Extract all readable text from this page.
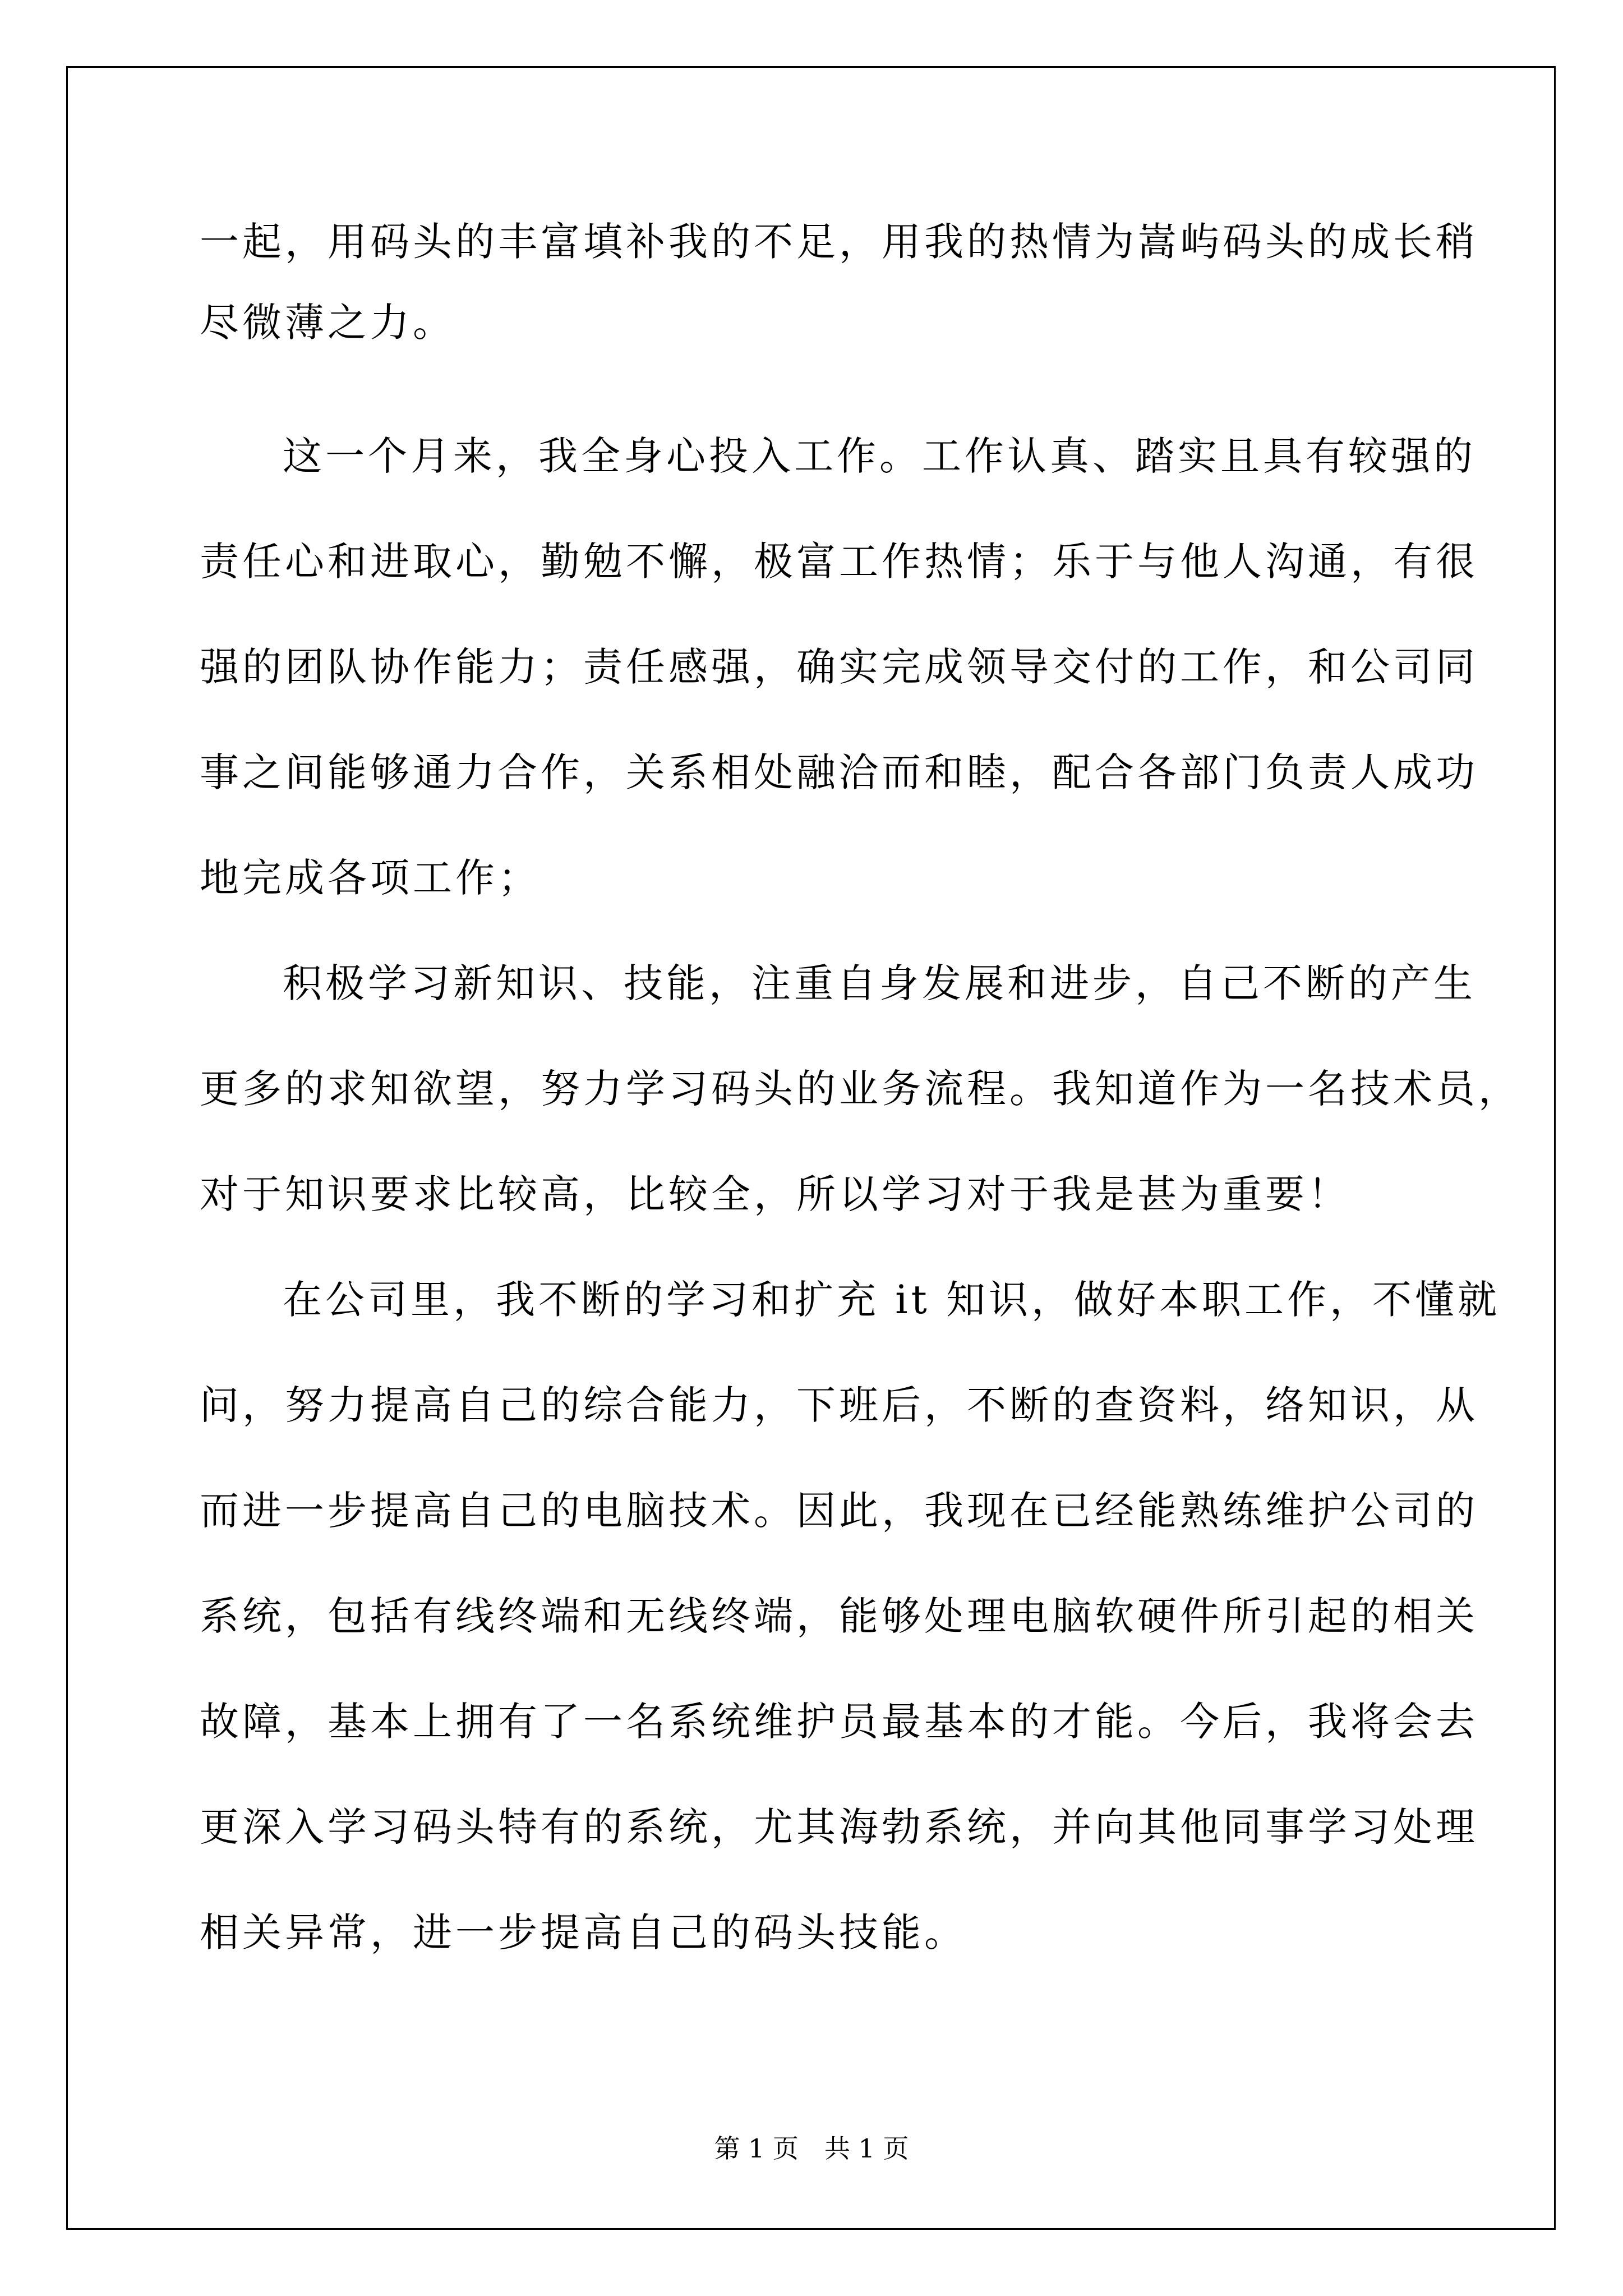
一起，用码头的丰富填补我的不足，用我的热情为嵩屿码头的成长稍
尽微薄之力。
这一个月来，我全身心投入工作。工作认真、踏实且具有较强的
责任心和进取心，勤勉不懈，极富工作热情；乐于与他人沟通，有很
强的团队协作能力；责任感强，确实完成领导交付的工作，和公司同
事之间能够通力合作，关系相处融洽而和睦，配合各部门负责人成功
地完成各项工作；
积极学习新知识、技能，注重自身发展和进步，自己不断的产生
更多的求知欲望，努力学习码头的业务流程。我知道作为一名技术员，
对于知识要求比较高，比较全，所以学习对于我是甚为重要！
在公司里，我不断的学习和扩充 it 知识，做好本职工作，不懂就
问，努力提高自己的综合能力，下班后，不断的查资料，络知识，从
而进一步提高自己的电脑技术。因此，我现在已经能熟练维护公司的
系统，包括有线终端和无线终端，能够处理电脑软硬件所引起的相关
故障，基本上拥有了一名系统维护员最基本的才能。今后，我将会去
更深入学习码头特有的系统，尤其海勃系统，并向其他同事学习处理
相关异常，进一步提高自己的码头技能。
第 1 页　共 1 页
